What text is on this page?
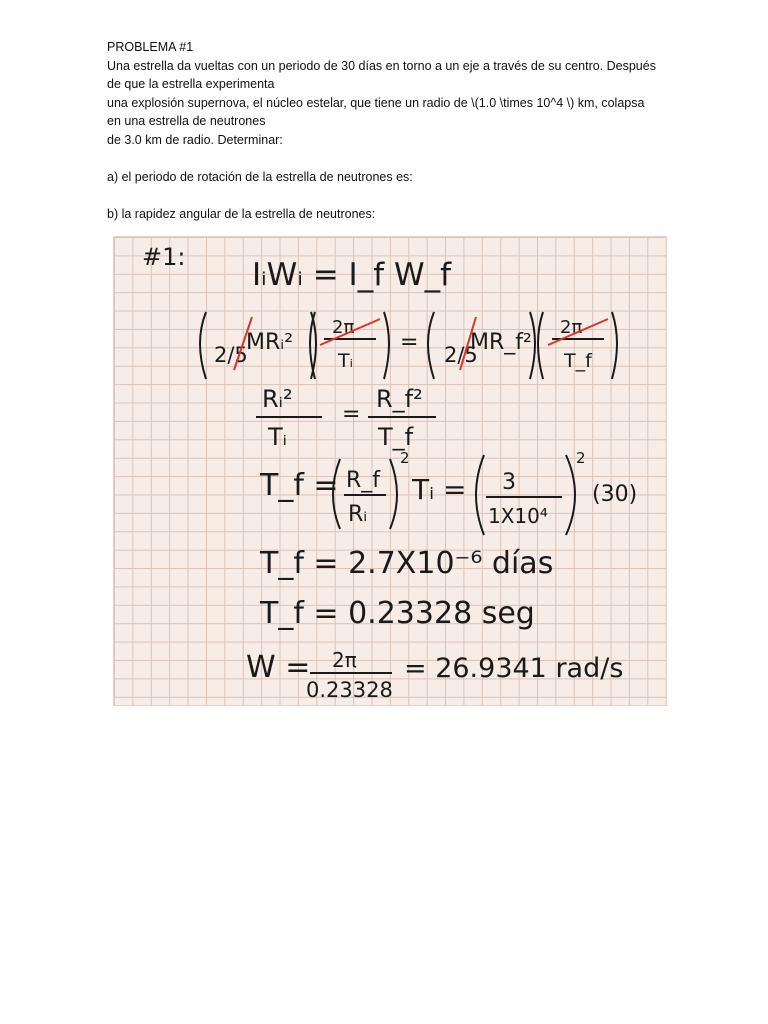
PROBLEMA #1
Una estrella da vueltas con un periodo de 30 días en torno a un eje a través de su centro. Después
de que la estrella experimenta
una explosión supernova, el núcleo estelar, que tiene un radio de \(1.0 \times 10^4 \) km, colapsa
en una estrella de neutrones
de 3.0 km de radio. Determinar:
a) el periodo de rotación de la estrella de neutrones es:
b) la rapidez angular de la estrella de neutrones:
#1: IᵢWᵢ = I_f W_f
2/5
MRᵢ²
2π
Tᵢ
= 2/5
MR_f²
2π
T_f
Rᵢ²
Tᵢ
=
R_f²
T_f
T_f = R_f
Rᵢ
2
Tᵢ = 3
1X10⁴
2
(30)
T_f = 2.7X10⁻⁶ días
T_f = 0.23328 seg
W = 2π
0.23328
= 26.9341 rad/s
